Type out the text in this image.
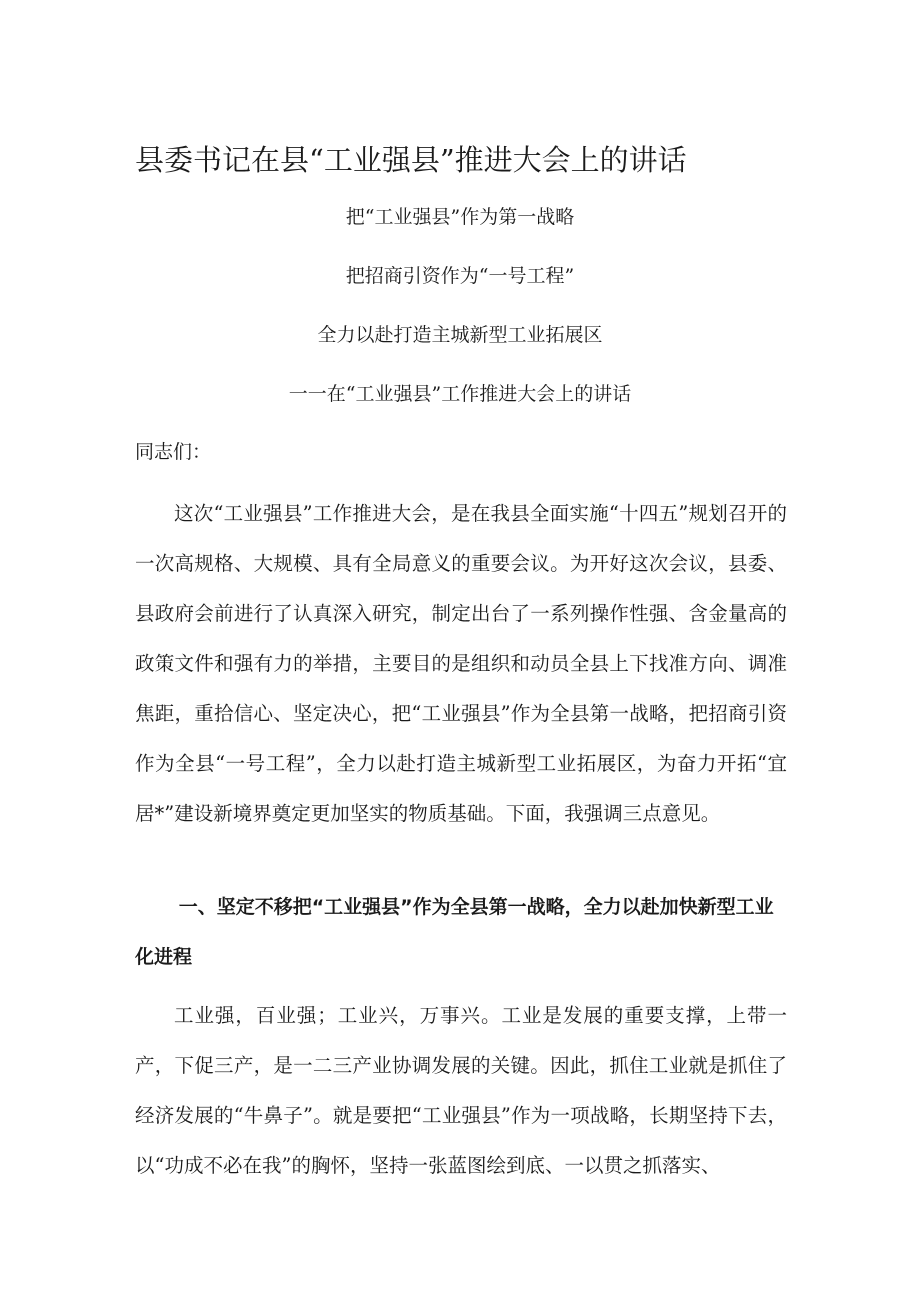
县委书记在县“工业强县”推进大会上的讲话
把“工业强县”作为第一战略
把招商引资作为“一号工程”
全力以赴打造主城新型工业拓展区
一一在“工业强县”工作推进大会上的讲话
同志们：

这次“工业强县”工作推进大会，是在我县全面实施“十四五”规划召开的一次高规格、大规模、具有全局意义的重要会议。为开好这次会议，县委、县政府会前进行了认真深入研究，制定出台了一系列操作性强、含金量高的政策文件和强有力的举措，主要目的是组织和动员全县上下找准方向、调准焦距，重拾信心、坚定决心，把“工业强县”作为全县第一战略，把招商引资作为全县“一号工程”，全力以赴打造主城新型工业拓展区，为奋力开拓“宜居*”建设新境界奠定更加坚实的物质基础。下面，我强调三点意见。

一、坚定不移把“工业强县”作为全县第一战略，全力以赴加快新型工业化进程

工业强，百业强；工业兴，万事兴。工业是发展的重要支撑，上带一产，下促三产，是一二三产业协调发展的关键。因此，抓住工业就是抓住了经济发展的“牛鼻子”。就是要把“工业强县”作为一项战略，长期坚持下去，以“功成不必在我”的胸怀，坚持一张蓝图绘到底、一以贯之抓落实、
